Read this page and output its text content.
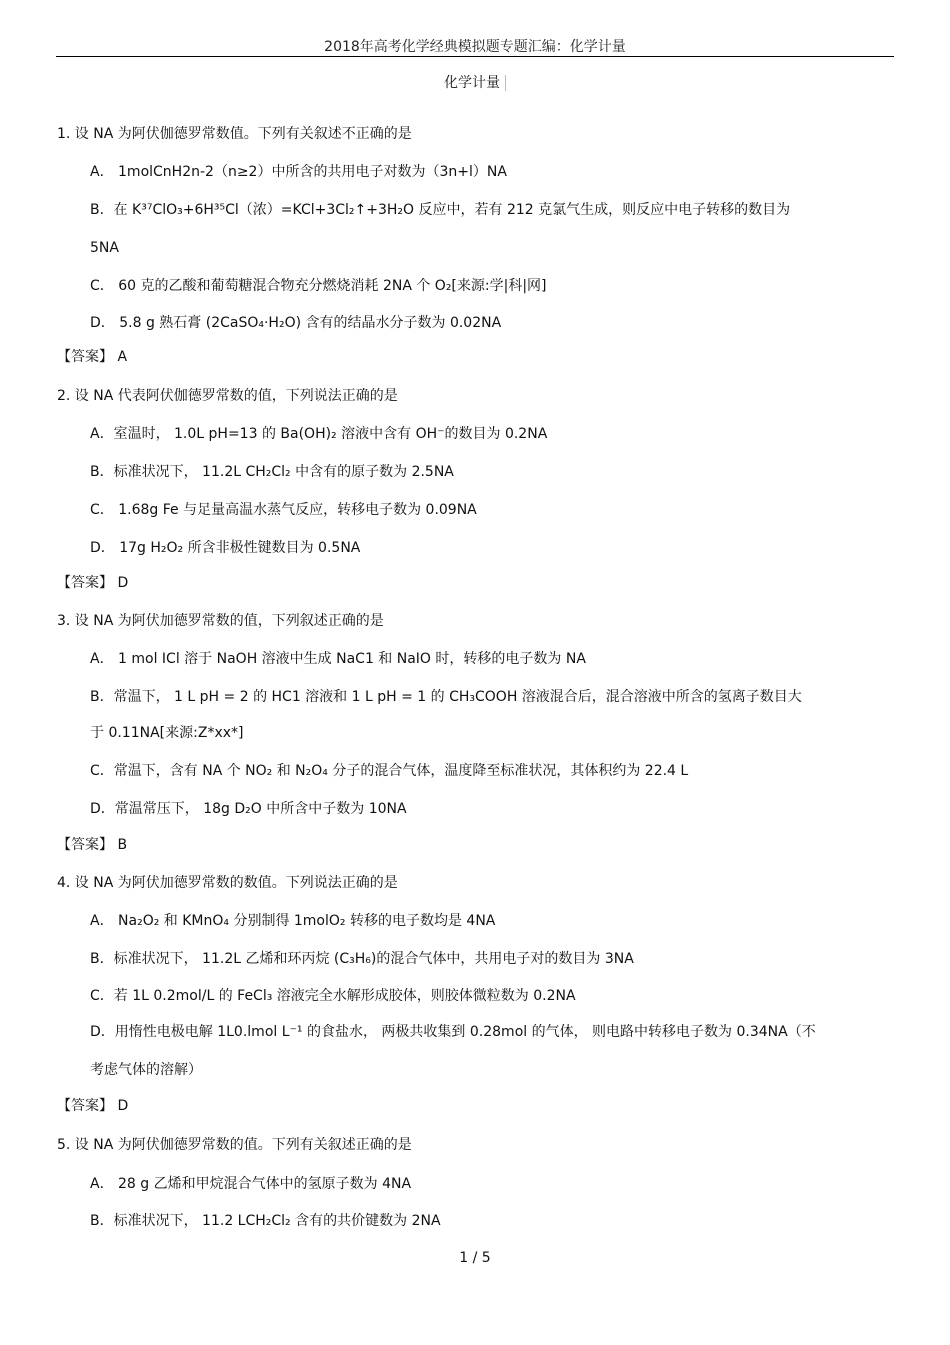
2018年高考化学经典模拟题专题汇编：化学计量
化学计量
1. 设 NA 为阿伏伽德罗常数值。下列有关叙述不正确的是
A． 1molCnH2n-2（n≥2）中所含的共用电子对数为（3n+l）NA
B．在 K³⁷ClO₃+6H³⁵Cl（浓）=KCl+3Cl₂↑+3H₂O 反应中，若有 212 克氯气生成，则反应中电子转移的数目为
5NA
C． 60 克的乙酸和葡萄糖混合物充分燃烧消耗 2NA 个 O₂[来源:学|科|网]
D． 5.8 g 熟石膏 (2CaSO₄·H₂O) 含有的结晶水分子数为 0.02NA
【答案】 A
2. 设 NA 代表阿伏伽德罗常数的值，下列说法正确的是
A．室温时， 1.0L pH=13 的 Ba(OH)₂ 溶液中含有 OH⁻的数目为 0.2NA
B．标准状况下， 11.2L CH₂Cl₂ 中含有的原子数为 2.5NA
C． 1.68g Fe 与足量高温水蒸气反应，转移电子数为 0.09NA
D． 17g H₂O₂ 所含非极性键数目为 0.5NA
【答案】 D
3. 设 NA 为阿伏加德罗常数的值，下列叙述正确的是
A． 1 mol ICl 溶于 NaOH 溶液中生成 NaC1 和 NaIO 时，转移的电子数为 NA
B．常温下， 1 L pH = 2 的 HC1 溶液和 1 L pH = 1 的 CH₃COOH 溶液混合后，混合溶液中所含的氢离子数目大
于 0.11NA[来源:Z*xx*]
C．常温下，含有 NA 个 NO₂ 和 N₂O₄ 分子的混合气体，温度降至标准状况，其体积约为 22.4 L
D．常温常压下， 18g D₂O 中所含中子数为 10NA
【答案】 B
4. 设 NA 为阿伏加德罗常数的数值。下列说法正确的是
A． Na₂O₂ 和 KMnO₄ 分别制得 1molO₂ 转移的电子数均是 4NA
B．标准状况下， 11.2L 乙烯和环丙烷 (C₃H₆)的混合气体中，共用电子对的数目为 3NA
C．若 1L 0.2mol/L 的 FeCl₃ 溶液完全水解形成胶体，则胶体微粒数为 0.2NA
D．用惰性电极电解 1L0.lmol L⁻¹ 的食盐水， 两极共收集到 0.28mol 的气体， 则电路中转移电子数为 0.34NA（不
考虑气体的溶解）
【答案】 D
5. 设 NA 为阿伏伽德罗常数的值。下列有关叙述正确的是
A． 28 g 乙烯和甲烷混合气体中的氢原子数为 4NA
B．标准状况下， 11.2 LCH₂Cl₂ 含有的共价键数为 2NA
1 / 5
